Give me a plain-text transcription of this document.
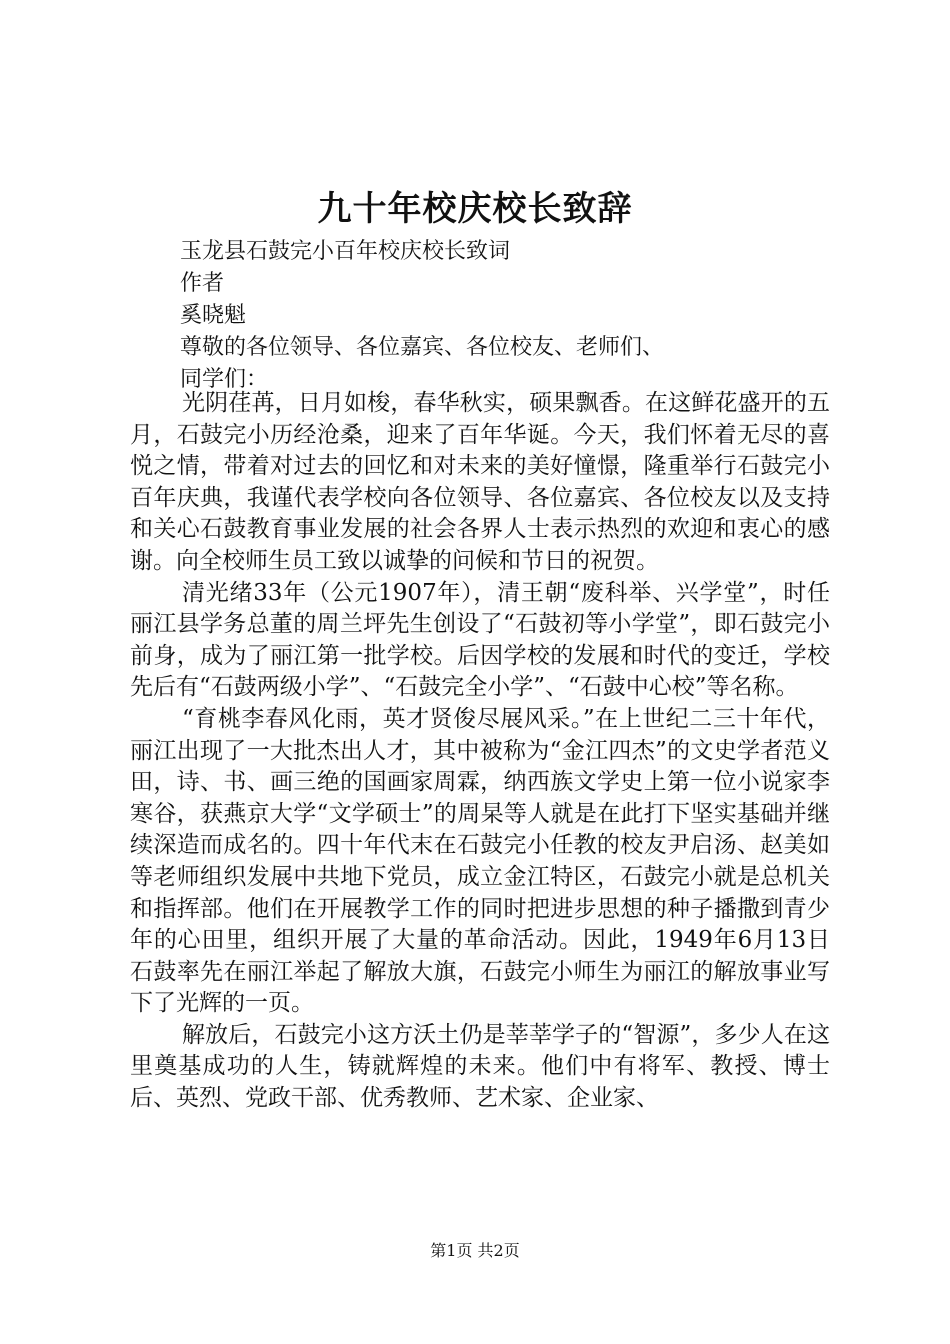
九十年校庆校长致辞
玉龙县石鼓完小百年校庆校长致词
作者
奚晓魁
尊敬的各位领导、各位嘉宾、各位校友、老师们、
同学们：

光阴荏苒，日月如梭，春华秋实，硕果飘香。在这鲜花盛开的五月，石鼓完小历经沧桑，迎来了百年华诞。今天，我们怀着无尽的喜悦之情，带着对过去的回忆和对未来的美好憧憬，隆重举行石鼓完小百年庆典，我谨代表学校向各位领导、各位嘉宾、各位校友以及支持和关心石鼓教育事业发展的社会各界人士表示热烈的欢迎和衷心的感谢。向全校师生员工致以诚挚的问候和节日的祝贺。

清光绪33年（公元1907年），清王朝“废科举、兴学堂”，时任丽江县学务总董的周兰坪先生创设了“石鼓初等小学堂”，即石鼓完小前身，成为了丽江第一批学校。后因学校的发展和时代的变迁，学校先后有“石鼓两级小学”、“石鼓完全小学”、“石鼓中心校”等名称。

“育桃李春风化雨，英才贤俊尽展风采。”在上世纪二三十年代，丽江出现了一大批杰出人才，其中被称为“金江四杰”的文史学者范义田，诗、书、画三绝的国画家周霖，纳西族文学史上第一位小说家李寒谷，获燕京大学“文学硕士”的周杲等人就是在此打下坚实基础并继续深造而成名的。四十年代末在石鼓完小任教的校友尹启汤、赵美如等老师组织发展中共地下党员，成立金江特区，石鼓完小就是总机关和指挥部。他们在开展教学工作的同时把进步思想的种子播撒到青少年的心田里，组织开展了大量的革命活动。因此，1949年6月13日石鼓率先在丽江举起了解放大旗，石鼓完小师生为丽江的解放事业写下了光辉的一页。

解放后，石鼓完小这方沃土仍是莘莘学子的“智源”，多少人在这里奠基成功的人生，铸就辉煌的未来。他们中有将军、教授、博士后、英烈、党政干部、优秀教师、艺术家、企业家、

第1页 共2页
